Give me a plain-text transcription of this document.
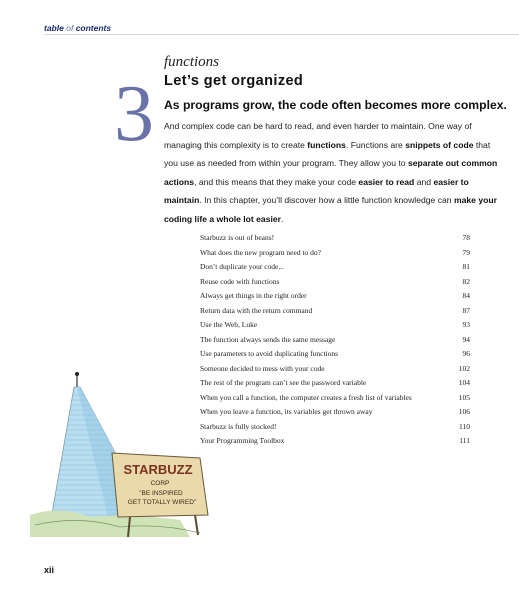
table of contents
3
functions
Let’s get organized
As programs grow, the code often becomes more complex.
And complex code can be hard to read, and even harder to maintain. One way of managing this complexity is to create functions. Functions are snippets of code that you use as needed from within your program. They allow you to separate out common actions, and this means that they make your code easier to read and easier to maintain. In this chapter, you’ll discover how a little function knowledge can make your coding life a whole lot easier.
Starbuzz is out of beans!	78
What does the new program need to do?	79
Don’t duplicate your code...	81
Reuse code with functions	82
Always get things in the right order	84
Return data with the return command	87
Use the Web, Luke	93
The function always sends the same message	94
Use parameters to avoid duplicating functions	96
Someone decided to mess with your code	102
The rest of the program can’t see the password variable	104
When you call a function, the computer creates a fresh list of variables	105
When you leave a function, its variables get thrown away	106
Starbuzz is fully stocked!	110
Your Programming Toolbox	111
STARBUZZ
CORP
"BE INSPIRED
GET TOTALLY WIRED"
xii
